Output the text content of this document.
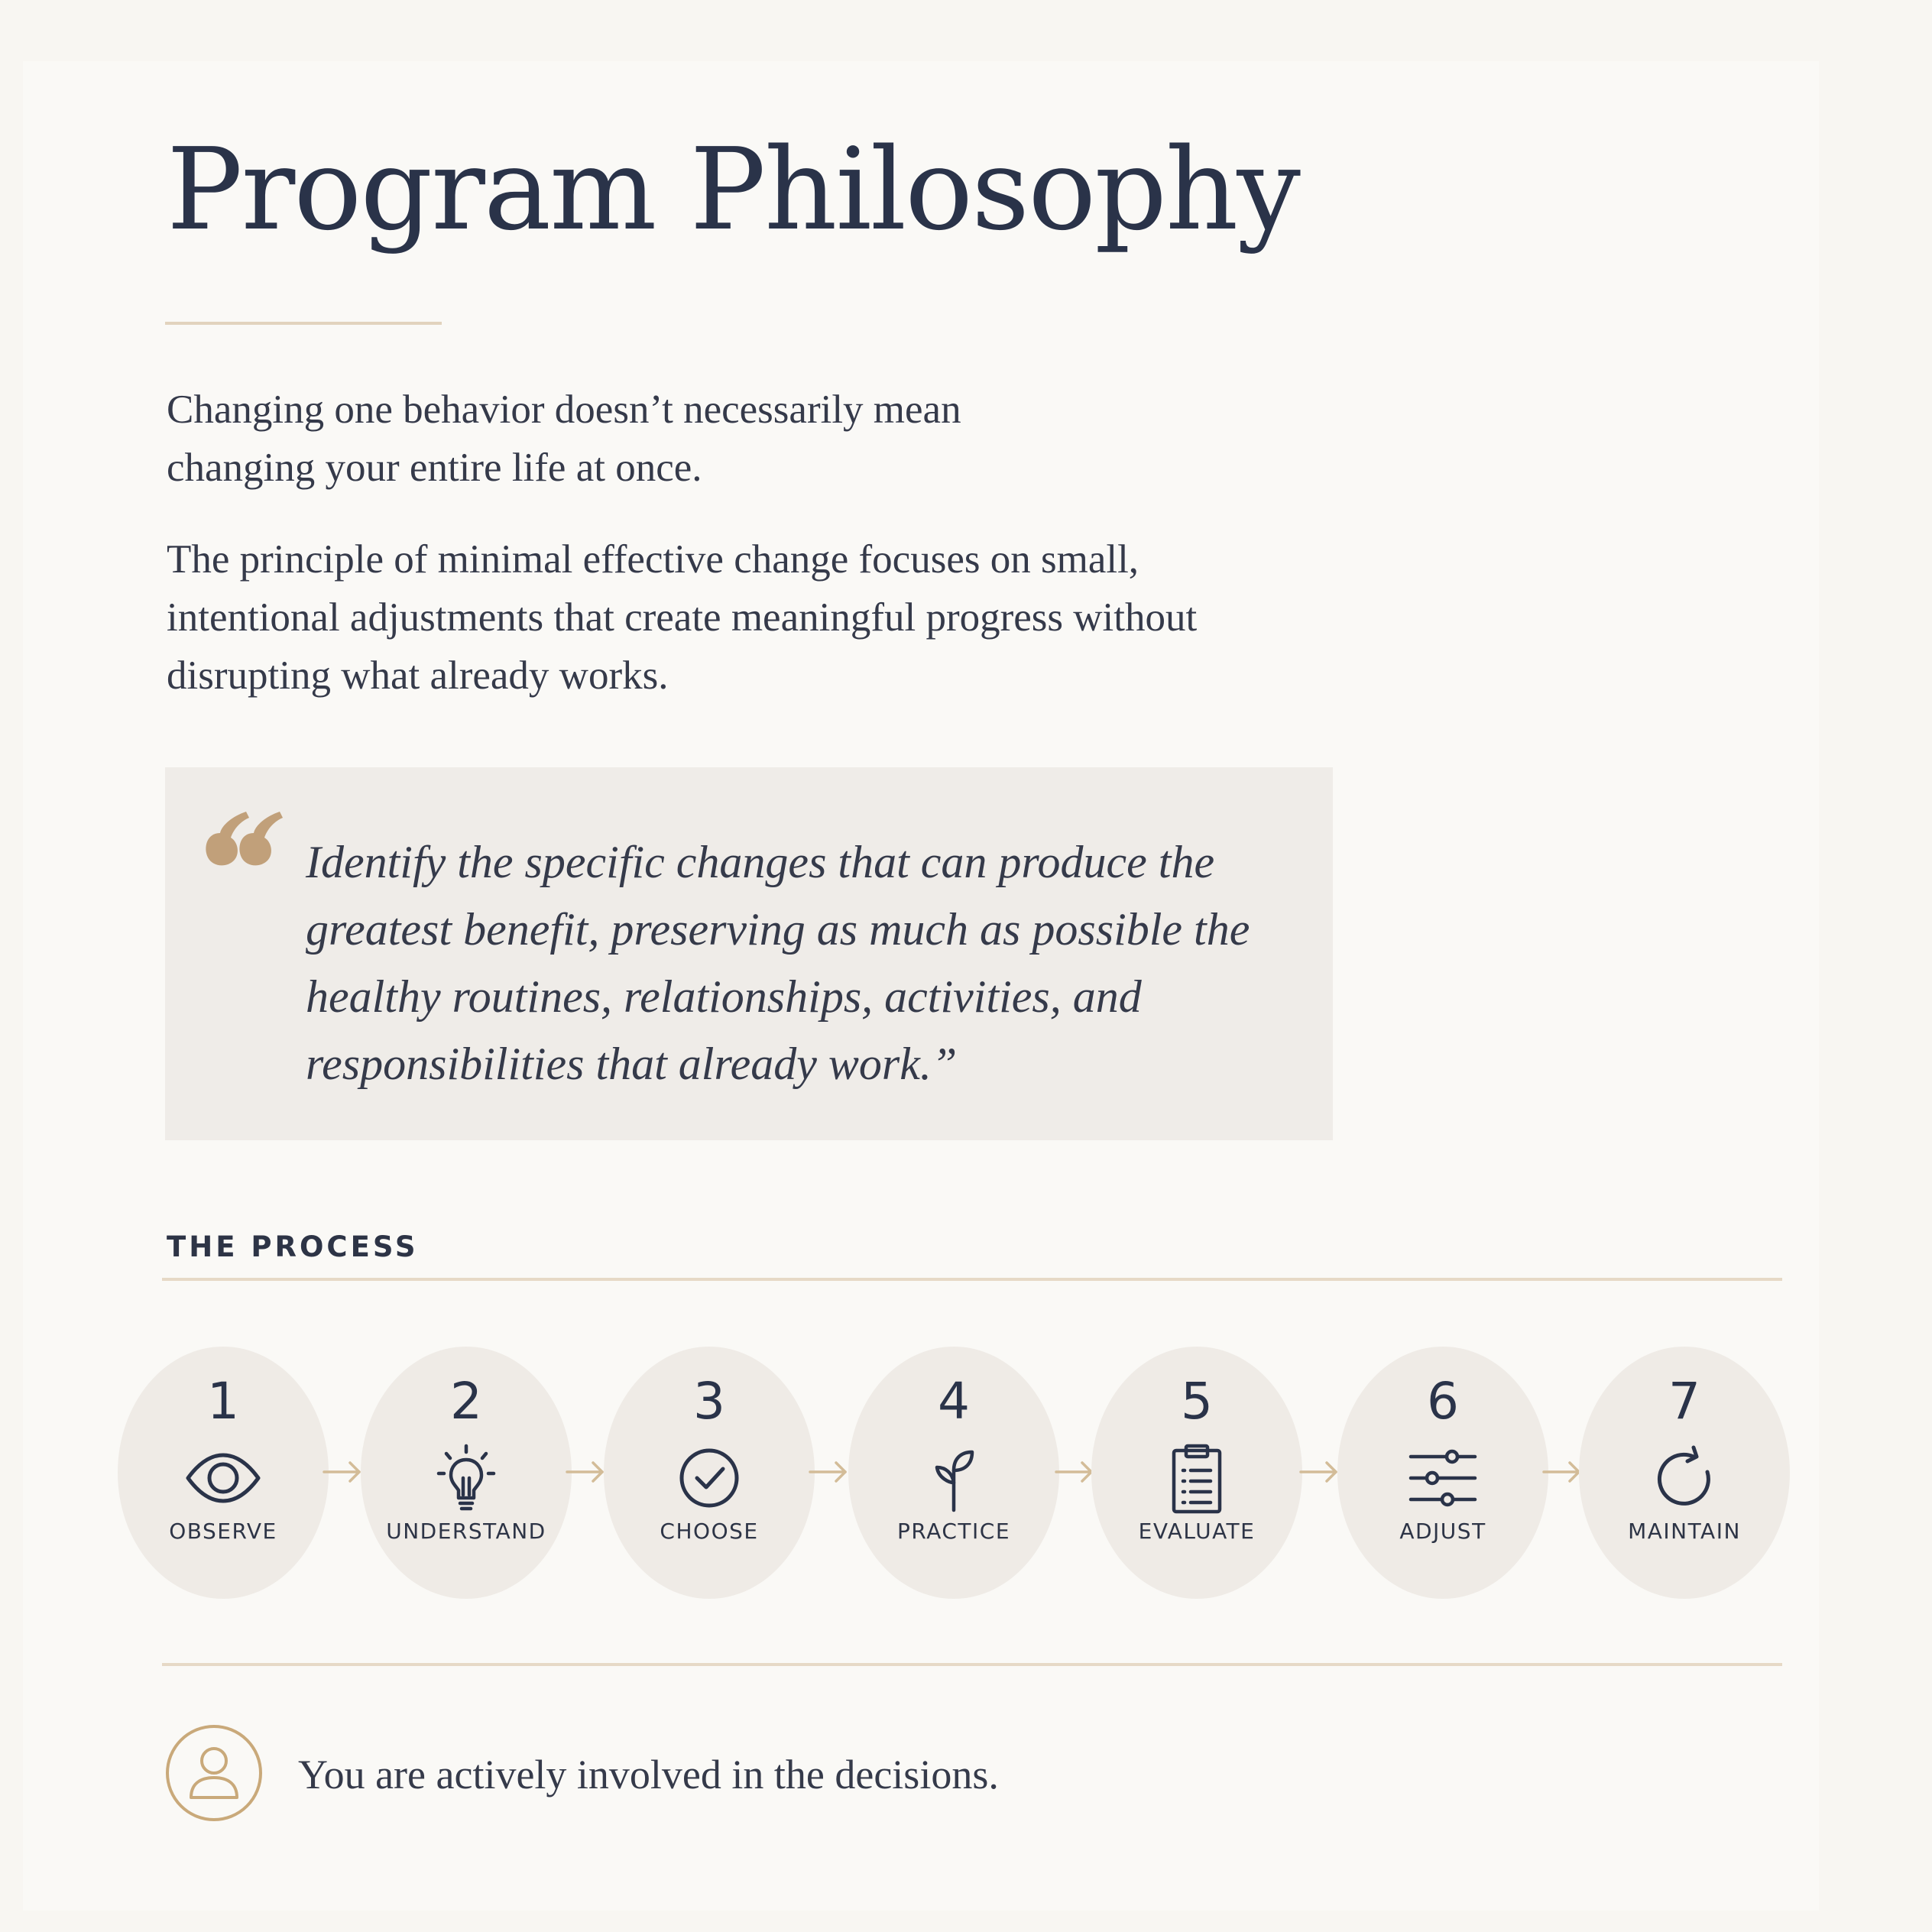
Program Philosophy

Changing one behavior doesn’t necessarily mean changing your entire life at once.

The principle of minimal effective change focuses on small, intentional adjustments that create meaningful progress without disrupting what already works.

Identify the specific changes that can produce the greatest benefit, preserving as much as possible the healthy routines, relationships, activities, and responsibilities that already work.”

THE PROCESS
1
OBSERVE
2
UNDERSTAND
3
CHOOSE
4
PRACTICE
5
EVALUATE
6
ADJUST
7
MAINTAIN
You are actively involved in the decisions.
